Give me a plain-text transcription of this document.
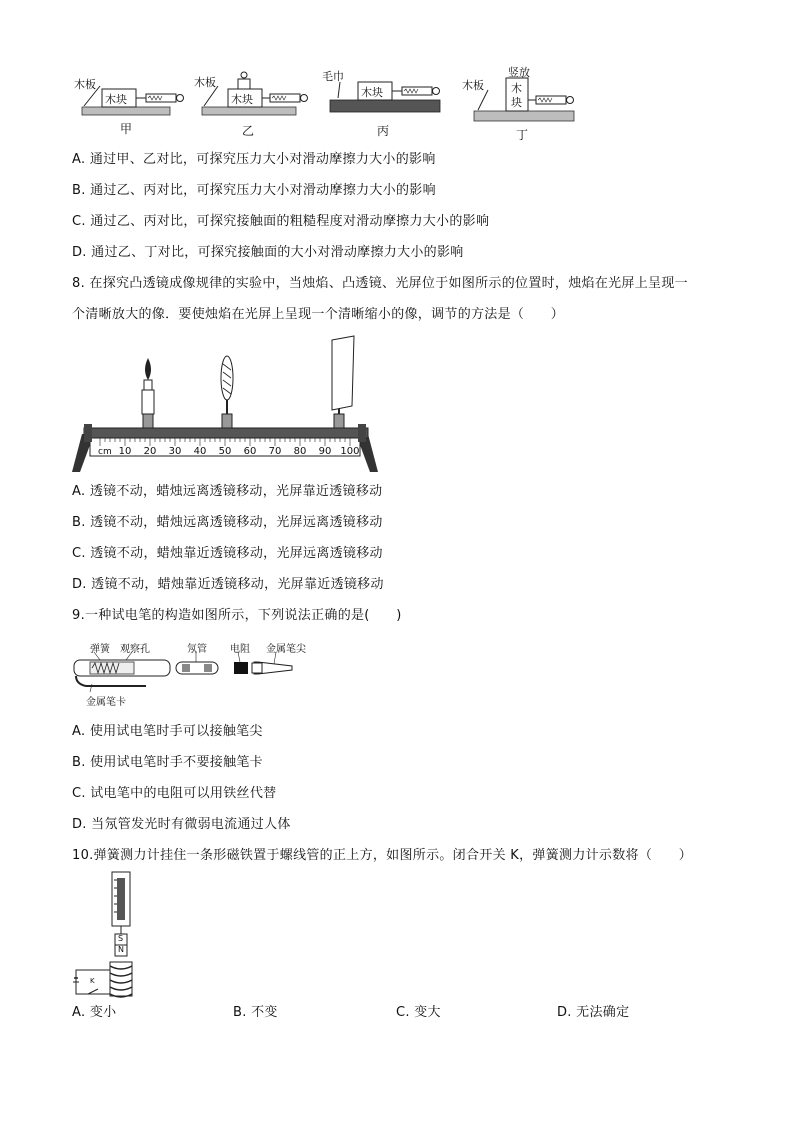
木板
木块
甲
木板
木块
乙
毛巾
木块
丙
木板
竖放
木
块
丁
A. 通过甲、乙对比，可探究压力大小对滑动摩擦力大小的影响
B. 通过乙、丙对比，可探究压力大小对滑动摩擦力大小的影响
C. 通过乙、丙对比，可探究接触面的粗糙程度对滑动摩擦力大小的影响
D. 通过乙、丁对比，可探究接触面的大小对滑动摩擦力大小的影响
8. 在探究凸透镜成像规律的实验中，当烛焰、凸透镜、光屏位于如图所示的位置时，烛焰在光屏上呈现一
个清晰放大的像．要使烛焰在光屏上呈现一个清晰缩小的像，调节的方法是（　　）
cm 10 20 30 40 50 60 70 80 90 100
A. 透镜不动，蜡烛远离透镜移动，光屏靠近透镜移动
B. 透镜不动，蜡烛远离透镜移动，光屏远离透镜移动
C. 透镜不动，蜡烛靠近透镜移动，光屏远离透镜移动
D. 透镜不动，蜡烛靠近透镜移动，光屏靠近透镜移动
9.一种试电笔的构造如图所示，下列说法正确的是(　　)
弹簧 观察孔	氖管 电阻 金属笔尖
金属笔卡
A. 使用试电笔时手可以接触笔尖
B. 使用试电笔时手不要接触笔卡
C. 试电笔中的电阻可以用铁丝代替
D. 当氖管发光时有微弱电流通过人体
10.弹簧测力计挂住一条形磁铁置于螺线管的正上方，如图所示。闭合开关 K，弹簧测力计示数将（　　）
S
N
K
A. 变小	B. 不变	C. 变大	D. 无法确定
